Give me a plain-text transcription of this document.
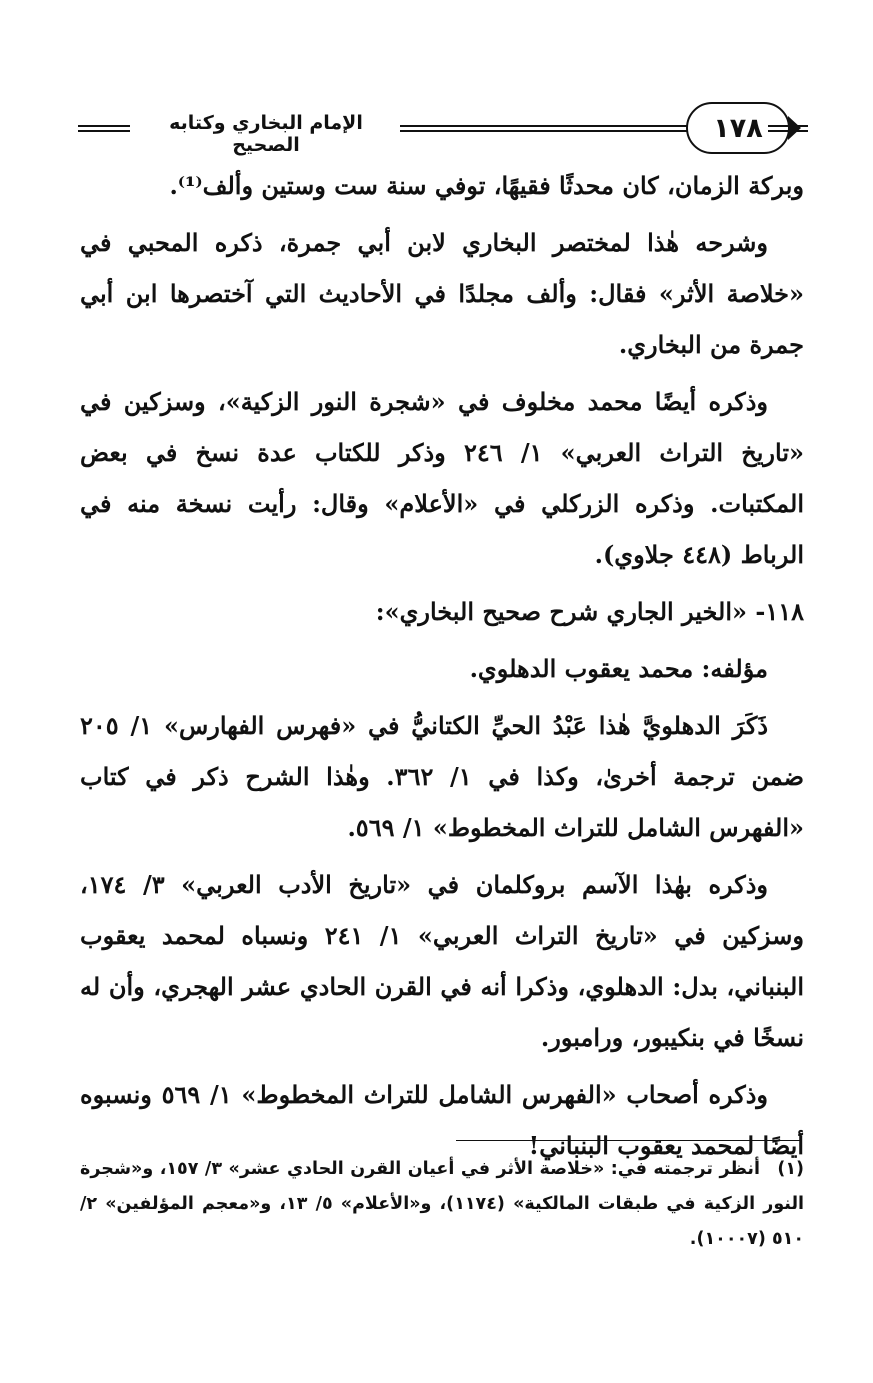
الإمام البخاري وكتابه الصحيح
١٧٨

وبركة الزمان، كان محدثًا فقيهًا، توفي سنة ست وستين وألف⁽¹⁾.

وشرحه هٰذا لمختصر البخاري لابن أبي جمرة، ذكره المحبي في «خلاصة الأثر» فقال: وألف مجلدًا في الأحاديث التي آختصرها ابن أبي جمرة من البخاري.

وذكره أيضًا محمد مخلوف في «شجرة النور الزكية»، وسزكين في «تاريخ التراث العربي» ١/ ٢٤٦ وذكر للكتاب عدة نسخ في بعض المكتبات. وذكره الزركلي في «الأعلام» وقال: رأيت نسخة منه في الرباط (٤٤٨ جلاوي).

١١٨- «الخير الجاري شرح صحيح البخاري»:

مؤلفه: محمد يعقوب الدهلوي.

ذَكَرَ الدهلويَّ هٰذا عَبْدُ الحيِّ الكتانيُّ في «فهرس الفهارس» ١/ ٢٠٥ ضمن ترجمة أخرىٰ، وكذا في ١/ ٣٦٢. وهٰذا الشرح ذكر في كتاب «الفهرس الشامل للتراث المخطوط» ١/ ٥٦٩.

وذكره بهٰذا الآسم بروكلمان في «تاريخ الأدب العربي» ٣/ ١٧٤، وسزكين في «تاريخ التراث العربي» ١/ ٢٤١ ونسباه لمحمد يعقوب البنباني، بدل: الدهلوي، وذكرا أنه في القرن الحادي عشر الهجري، وأن له نسخًا في بنكيبور، ورامبور.

وذكره أصحاب «الفهرس الشامل للتراث المخطوط» ١/ ٥٦٩ ونسبوه أيضًا لمحمد يعقوب البنباني!

(١)أنظر ترجمته في: «خلاصة الأثر في أعيان القرن الحادي عشر» ٣/ ١٥٧، و«شجرة النور الزكية في طبقات المالكية» (١١٧٤)، و«الأعلام» ٥/ ١٣، و«معجم المؤلفين» ٢/ ٥١٠ (١٠٠٠٧).
